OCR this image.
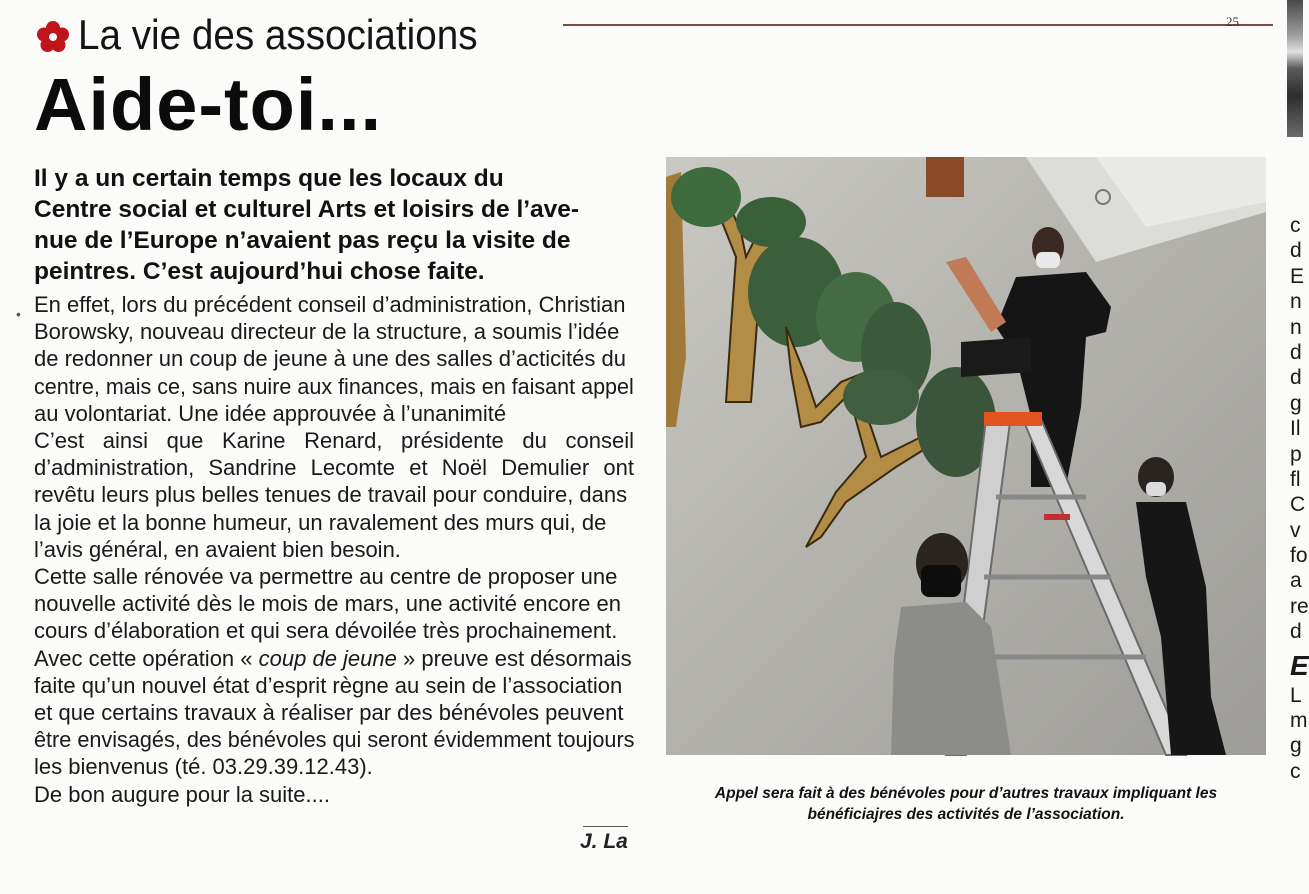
La vie des associations	25
Aide-toi...
Il y a un certain temps que les locaux du
Centre social et culturel Arts et loisirs de l’ave-
nue de l’Europe n’avaient pas reçu la visite de
peintres. C’est aujourd’hui chose faite.
• En effet, lors du précédent conseil d’administration, Christian
Borowsky, nouveau directeur de la structure, a soumis l’idée
de redonner un coup de jeune à une des salles d’acticités du
centre, mais ce, sans nuire aux finances, mais en faisant appel
au volontariat. Une idée approuvée à l’unanimité
C’est ainsi que Karine Renard, présidente du conseil
d’administration, Sandrine Lecomte et Noël Demulier ont
revêtu leurs plus belles tenues de travail pour conduire, dans
la joie et la bonne humeur, un ravalement des murs qui, de
l’avis général, en avaient bien besoin.
Cette salle rénovée va permettre au centre de proposer une
nouvelle activité dès le mois de mars, une activité encore en
cours d’élaboration et qui sera dévoilée très prochainement.
Avec cette opération « coup de jeune » preuve est désormais
faite qu’un nouvel état d’esprit règne au sein de l’association
et que certains travaux à réaliser par des bénévoles peuvent
être envisagés, des bénévoles qui seront évidemment toujours
les bienvenus (té. 03.29.39.12.43).
De bon augure pour la suite....
J. La
Appel sera fait à des bénévoles pour d’autres travaux impliquant les
bénéficiajres des activités de l’association.
c
d
E
n
n
d
d
g
Il
p
fl
C
v
fo
a
re
d
E
L
m
g
c
